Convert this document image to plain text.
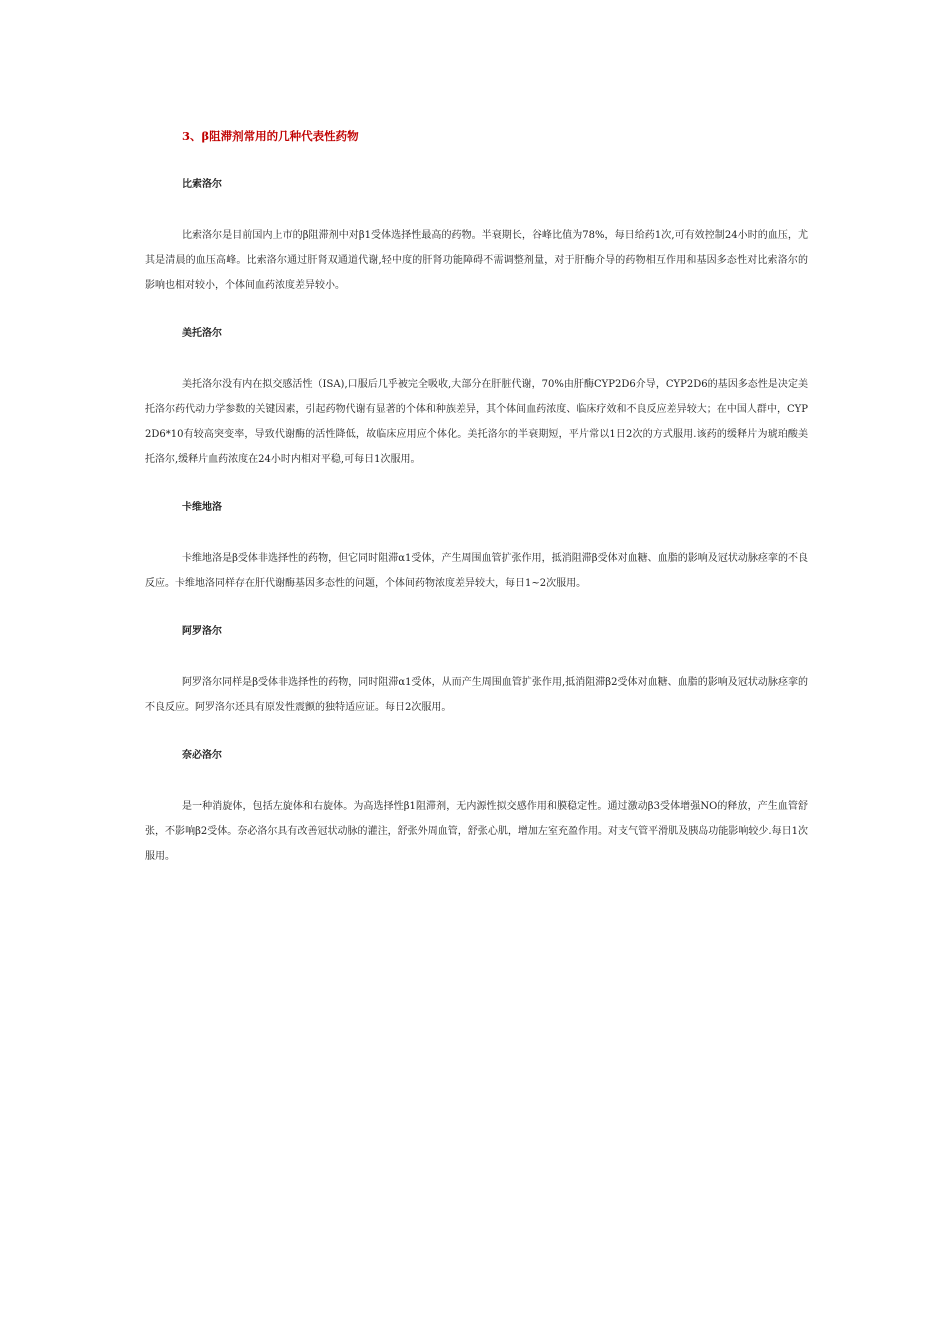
3、β阻滞剂常用的几种代表性药物
比索洛尔

比索洛尔是目前国内上市的β阻滞剂中对β1受体选择性最高的药物。半衰期长，谷峰比值为78%，每日给药1次,可有效控制24小时的血压，尤其是清晨的血压高峰。比索洛尔通过肝肾双通道代谢,轻中度的肝肾功能障碍不需调整剂量，对于肝酶介导的药物相互作用和基因多态性对比索洛尔的影响也相对较小，个体间血药浓度差异较小。

美托洛尔

美托洛尔没有内在拟交感活性（ISA),口服后几乎被完全吸收,大部分在肝脏代谢，70%由肝酶CYP2D6介导，CYP2D6的基因多态性是决定美托洛尔药代动力学参数的关键因素，引起药物代谢有显著的个体和种族差异，其个体间血药浓度、临床疗效和不良反应差异较大；在中国人群中，CYP2D6*10有较高突变率，导致代谢酶的活性降低，故临床应用应个体化。美托洛尔的半衰期短，平片常以1日2次的方式服用.该药的缓释片为琥珀酸美托洛尔,缓释片血药浓度在24小时内相对平稳,可每日1次服用。

卡维地洛

卡维地洛是β受体非选择性的药物，但它同时阻滞α1受体，产生周围血管扩张作用，抵消阻滞β受体对血糖、血脂的影响及冠状动脉痉挛的不良反应。卡维地洛同样存在肝代谢酶基因多态性的问题，个体间药物浓度差异较大，每日1~2次服用。

阿罗洛尔

阿罗洛尔同样是β受体非选择性的药物，同时阻滞α1受体，从而产生周围血管扩张作用,抵消阻滞β2受体对血糖、血脂的影响及冠状动脉痉挛的不良反应。阿罗洛尔还具有原发性震颤的独特适应证。每日2次服用。

奈必洛尔

是一种消旋体，包括左旋体和右旋体。为高选择性β1阻滞剂，无内源性拟交感作用和膜稳定性。通过激动β3受体增强NO的释放，产生血管舒张，不影响β2受体。奈必洛尔具有改善冠状动脉的灌注，舒张外周血管，舒张心肌，增加左室充盈作用。对支气管平滑肌及胰岛功能影响较少.每日1次服用。
